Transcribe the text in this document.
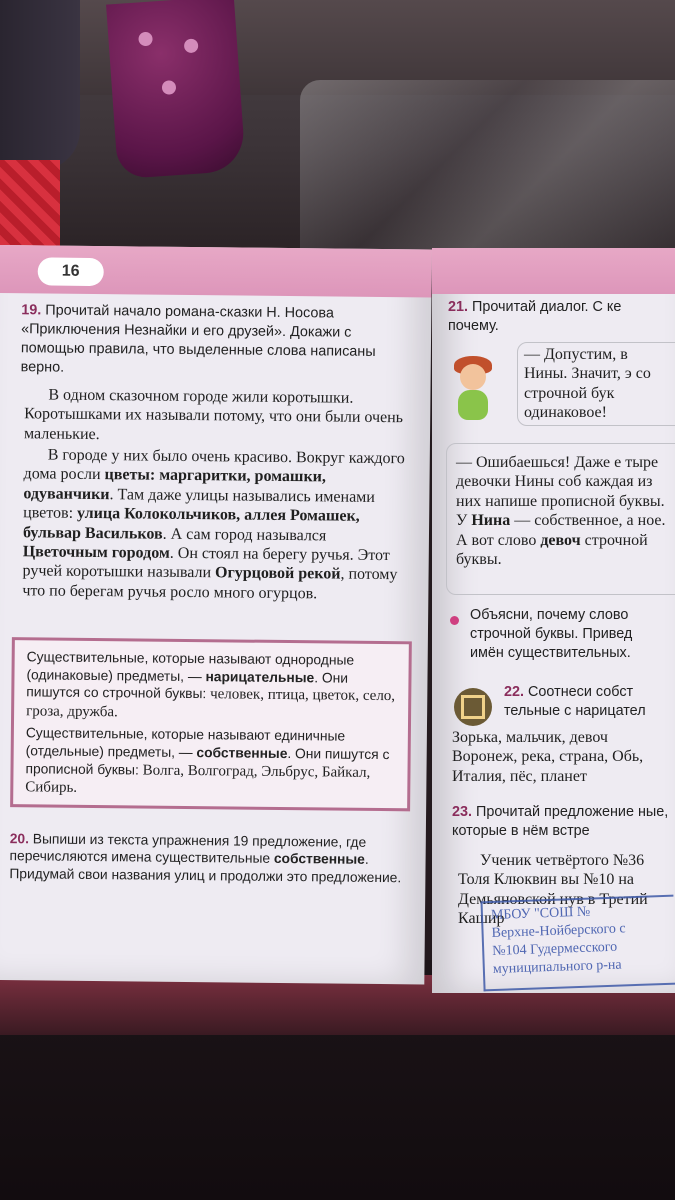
16
19. Прочитай начало романа-сказки Н. Носова «Приключения Незнайки и его друзей». Докажи с помощью правила, что выделенные слова написаны верно.
В одном сказочном городе жили коротышки. Коротышками их называли потому, что они были очень маленькие.
В городе у них было очень красиво. Вокруг каждого дома росли цветы: маргаритки, ромашки, одуванчики. Там даже улицы назывались именами цветов: улица Колокольчиков, аллея Ромашек, бульвар Васильков. А сам город назывался Цветочным городом. Он стоял на берегу ручья. Этот ручей коротышки называли Огурцовой рекой, потому что по берегам ручья росло много огурцов.

Существительные, которые называют однородные (одинаковые) предметы, — нарицательные. Они пишутся со строчной буквы: человек, птица, цветок, село, гроза, дружба.

Существительные, которые называют единичные (отдельные) предметы, — собственные. Они пишутся с прописной буквы: Волга, Волгоград, Эльбрус, Байкал, Сибирь.

20. Выпиши из текста упражнения 19 предложение, где перечисляются имена существительные собственные. Придумай свои названия улиц и продолжи это предложение.
21. Прочитай диалог. С ке почему.
— Допустим, в Нины. Значит, э со строчной бук одинаковое!
— Ошибаешься! Даже е тыре девочки Нины соб каждая из них напише прописной буквы. У Нина — собственное, а ное. А вот слово девоч строчной буквы.
Объясни, почему слово строчной буквы. Привед имён существительных.
22. Соотнеси собст тельные с нарицател
Зорька, мальчик, девоч Воронеж, река, страна, Обь, Италия, пёс, планет
23. Прочитай предложение ные, которые в нём встре
Ученик четвёртого №36 Толя Клюквин вы №10 на Демьяновской нув в Третий Кашир
МБОУ "СОШ №
Верхне-Нойберского с
№104 Гудермесского
муниципального р-на
